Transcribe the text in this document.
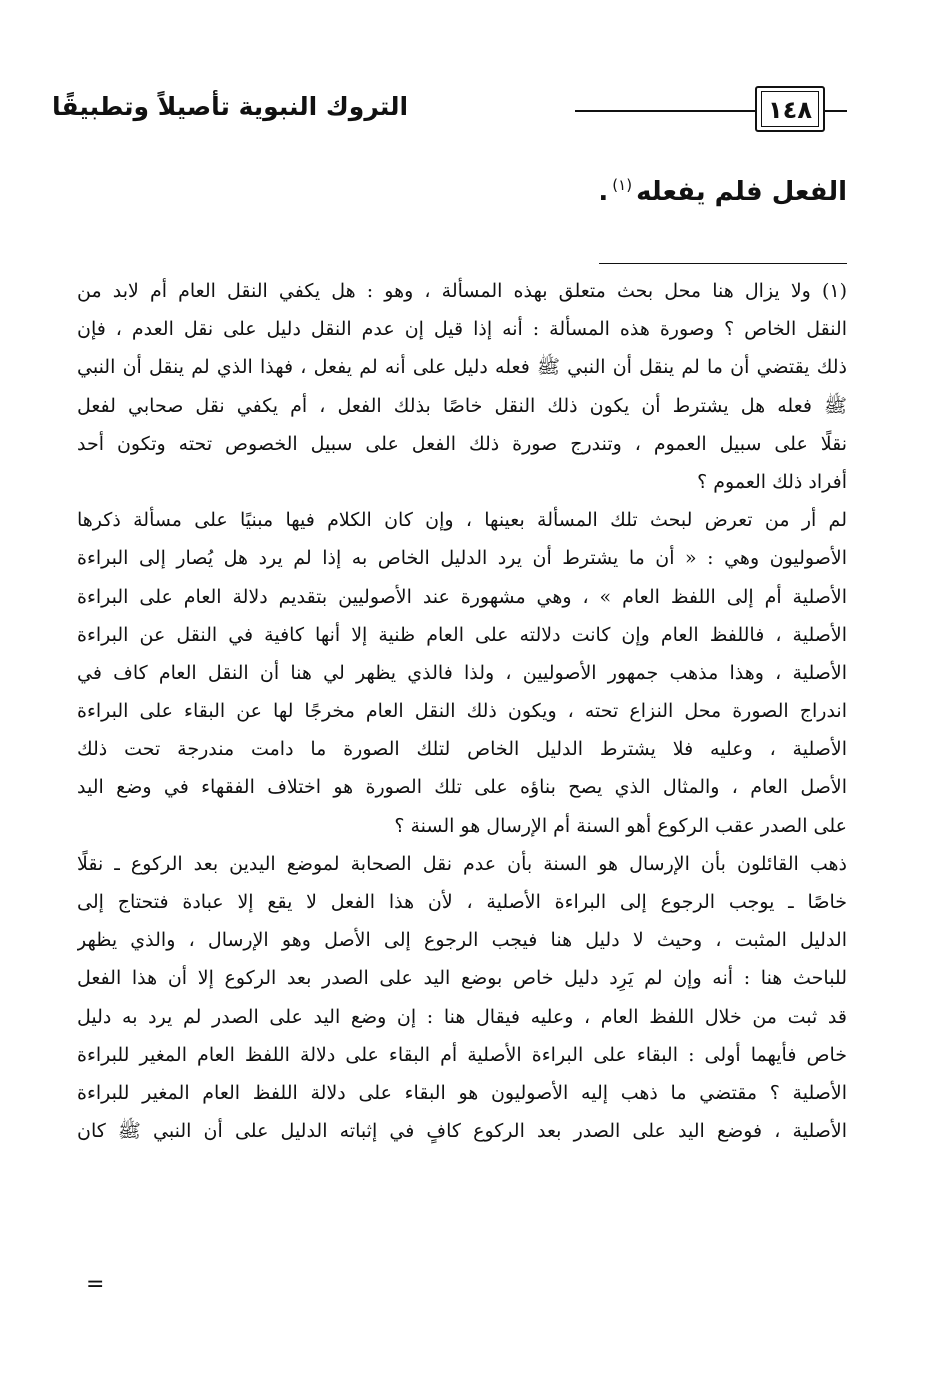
١٤٨
التروك النبوية تأصيلاً وتطبيقًا
الفعل فلم يفعله$^{(١)}$.
(١) ولا يزال هنا محل بحث متعلق بهذه المسألة ، وهو : هل يكفي النقل العام أم لابد من
النقل الخاص ؟ وصورة هذه المسألة : أنه إذا قيل إن عدم النقل دليل على نقل العدم ، فإن
ذلك يقتضي أن ما لم ينقل أن النبي ﷺ فعله دليل على أنه لم يفعل ، فهذا الذي لم ينقل أن النبي
ﷺ فعله هل يشترط أن يكون ذلك النقل خاصًا بذلك الفعل ، أم يكفي نقل صحابي لفعل
نقلًا على سبيل العموم ، وتندرج صورة ذلك الفعل على سبيل الخصوص تحته وتكون أحد
أفراد ذلك العموم ؟
لم أر من تعرض لبحث تلك المسألة بعينها ، وإن كان الكلام فيها مبنيًا على مسألة ذكرها
الأصوليون وهي : « أن ما يشترط أن يرد الدليل الخاص به إذا لم يرد هل يُصار إلى البراءة
الأصلية أم إلى اللفظ العام » ، وهي مشهورة عند الأصوليين بتقديم دلالة العام على البراءة
الأصلية ، فاللفظ العام وإن كانت دلالته على العام ظنية إلا أنها كافية في النقل عن البراءة
الأصلية ، وهذا مذهب جمهور الأصوليين ، ولذا فالذي يظهر لي هنا أن النقل العام كاف في
اندراج الصورة محل النزاع تحته ، ويكون ذلك النقل العام مخرجًا لها عن البقاء على البراءة
الأصلية ، وعليه فلا يشترط الدليل الخاص لتلك الصورة ما دامت مندرجة تحت ذلك
الأصل العام ، والمثال الذي يصح بناؤه على تلك الصورة هو اختلاف الفقهاء في وضع اليد
على الصدر عقب الركوع أهو السنة أم الإرسال هو السنة ؟
ذهب القائلون بأن الإرسال هو السنة بأن عدم نقل الصحابة لموضع اليدين بعد الركوع ـ نقلًا
خاصًا ـ يوجب الرجوع إلى البراءة الأصلية ، لأن هذا الفعل لا يقع إلا عبادة فتحتاج إلى
الدليل المثبت ، وحيث لا دليل هنا فيجب الرجوع إلى الأصل وهو الإرسال ، والذي يظهر
للباحث هنا : أنه وإن لم يَرِد دليل خاص بوضع اليد على الصدر بعد الركوع إلا أن هذا الفعل
قد ثبت من خلال اللفظ العام ، وعليه فيقال هنا : إن وضع اليد على الصدر لم يرد به دليل
خاص فأيهما أولى : البقاء على البراءة الأصلية أم البقاء على دلالة اللفظ العام المغير للبراءة
الأصلية ؟ مقتضي ما ذهب إليه الأصوليون هو البقاء على دلالة اللفظ العام المغير للبراءة
الأصلية ، فوضع اليد على الصدر بعد الركوع كافٍ في إثباته الدليل على أن النبي ﷺ كان
=
